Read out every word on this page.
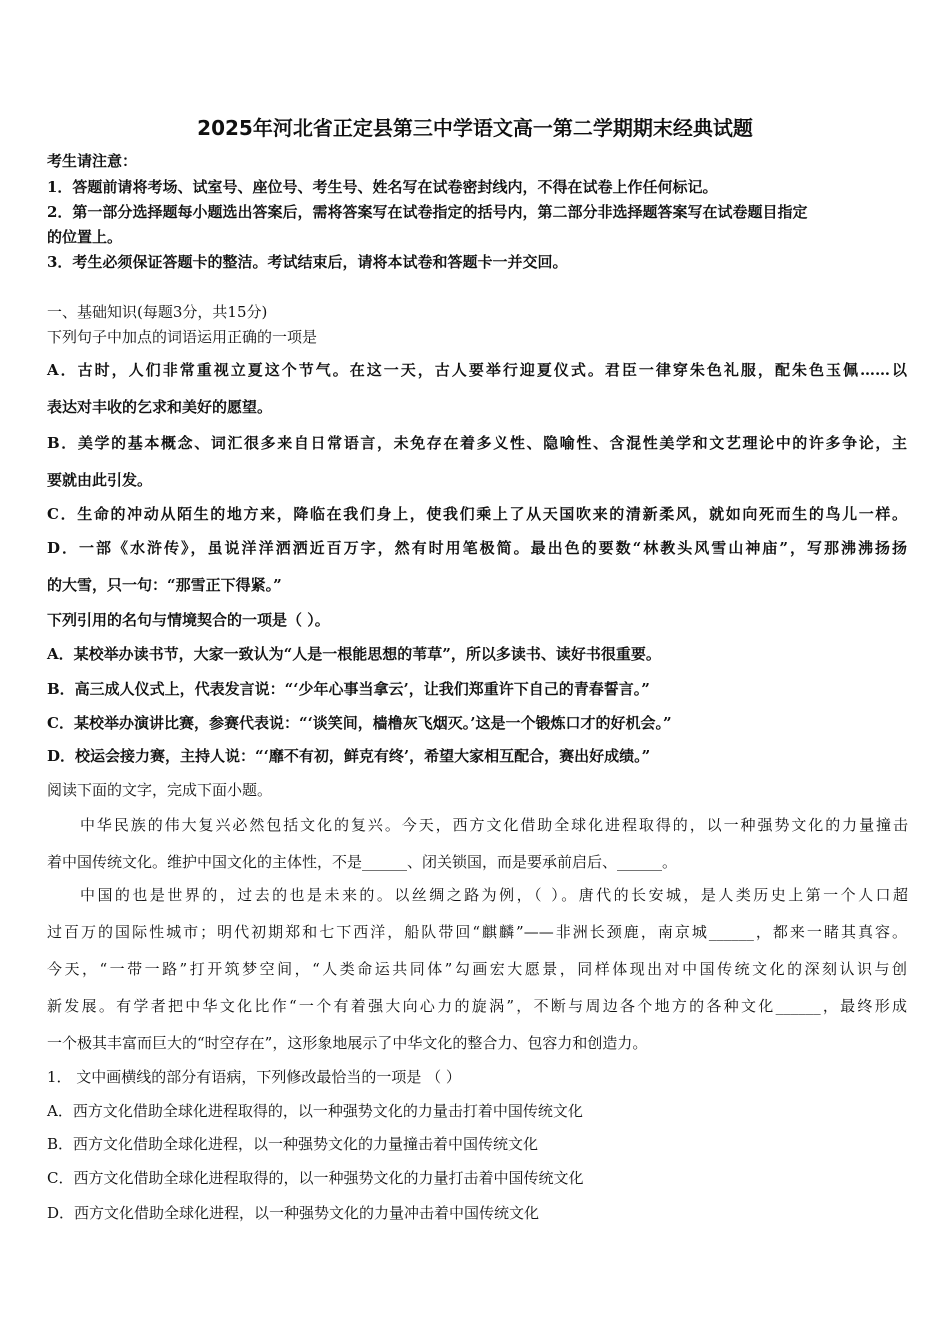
2025年河北省正定县第三中学语文高一第二学期期末经典试题
考生请注意：
1．答题前请将考场、试室号、座位号、考生号、姓名写在试卷密封线内，不得在试卷上作任何标记。
2．第一部分选择题每小题选出答案后，需将答案写在试卷指定的括号内，第二部分非选择题答案写在试卷题目指定
的位置上。
3．考生必须保证答题卡的整洁。考试结束后，请将本试卷和答题卡一并交回。
一、基础知识(每题3分，共15分)
下列句子中加点的词语运用正确的一项是
A．古时，人们非常重视立夏这个节气。在这一天，古人要举行迎夏仪式。君臣一律穿朱色礼服，配朱色玉佩……以
表达对丰收的乞求和美好的愿望。
B．美学的基本概念、词汇很多来自日常语言，未免存在着多义性、隐喻性、含混性美学和文艺理论中的许多争论，主
要就由此引发。
C．生命的冲动从陌生的地方来，降临在我们身上，使我们乘上了从天国吹来的清新柔风，就如向死而生的鸟儿一样。
D．一部《水浒传》，虽说洋洋洒洒近百万字，然有时用笔极简。最出色的要数“林教头风雪山神庙”，写那沸沸扬扬
的大雪，只一句：“那雪正下得紧。”
下列引用的名句与情境契合的一项是（ ）。
A．某校举办读书节，大家一致认为“人是一根能思想的苇草”，所以多读书、读好书很重要。
B．高三成人仪式上，代表发言说：“‘少年心事当拿云’，让我们郑重许下自己的青春誓言。”
C．某校举办演讲比赛，参赛代表说：“‘谈笑间，樯橹灰飞烟灭。’这是一个锻炼口才的好机会。”
D．校运会接力赛，主持人说：“‘靡不有初，鲜克有终’，希望大家相互配合，赛出好成绩。”
阅读下面的文字，完成下面小题。
中华民族的伟大复兴必然包括文化的复兴。今天，西方文化借助全球化进程取得的，以一种强势文化的力量撞击
着中国传统文化。维护中国文化的主体性，不是______、闭关锁国，而是要承前启后、______。
中国的也是世界的，过去的也是未来的。以丝绸之路为例，（ ）。唐代的长安城，是人类历史上第一个人口超
过百万的国际性城市；明代初期郑和七下西洋，船队带回“麒麟”——非洲长颈鹿，南京城______，都来一睹其真容。
今天，“一带一路”打开筑梦空间，“人类命运共同体”勾画宏大愿景，同样体现出对中国传统文化的深刻认识与创
新发展。有学者把中华文化比作“一个有着强大向心力的旋涡”，不断与周边各个地方的各种文化______，最终形成
一个极其丰富而巨大的“时空存在”，这形象地展示了中华文化的整合力、包容力和创造力。
1． 文中画横线的部分有语病，下列修改最恰当的一项是 （ ）
A．西方文化借助全球化进程取得的，以一种强势文化的力量击打着中国传统文化
B．西方文化借助全球化进程，以一种强势文化的力量撞击着中国传统文化
C．西方文化借助全球化进程取得的，以一种强势文化的力量打击着中国传统文化
D．西方文化借助全球化进程，以一种强势文化的力量冲击着中国传统文化
